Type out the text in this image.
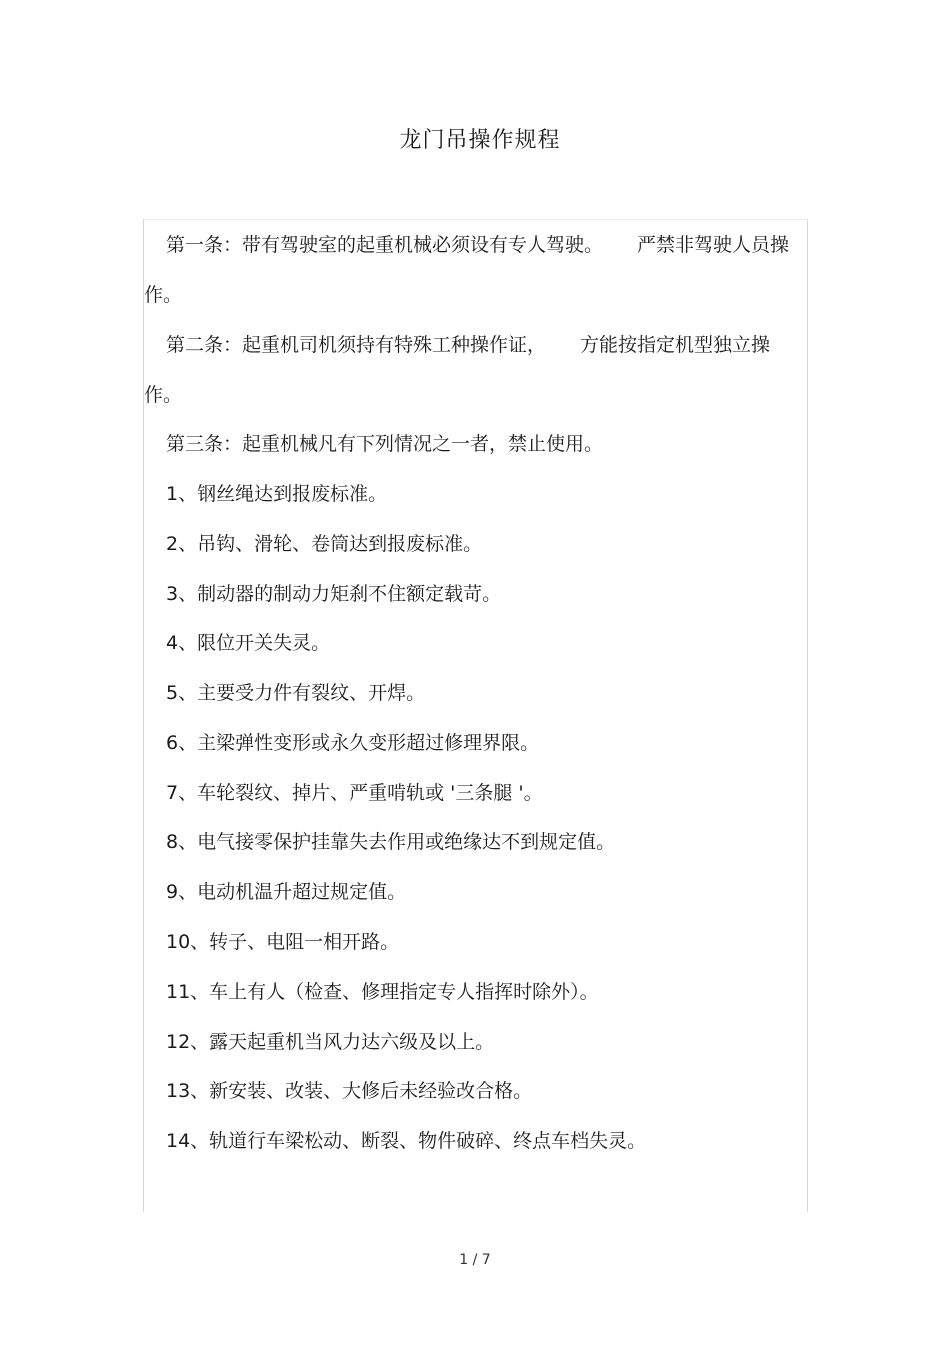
龙门吊操作规程
第一条：带有驾驶室的起重机械必须设有专人驾驶。 严禁非驾驶人员操作。
第二条：起重机司机须持有特殊工种操作证， 方能按指定机型独立操作。
第三条：起重机械凡有下列情况之一者，禁止使用。
1、钢丝绳达到报废标准。
2、吊钩、滑轮、卷筒达到报废标准。
3、制动器的制动力矩刹不住额定载苛。
4、限位开关失灵。
5、主要受力件有裂纹、开焊。
6、主梁弹性变形或永久变形超过修理界限。
7、车轮裂纹、掉片、严重啃轨或 '三条腿 '。
8、电气接零保护挂靠失去作用或绝缘达不到规定值。
9、电动机温升超过规定值。
10、转子、电阻一相开路。
11、车上有人（检查、修理指定专人指挥时除外）。
12、露天起重机当风力达六级及以上。
13、新安装、改装、大修后未经验改合格。
14、轨道行车梁松动、断裂、物件破碎、终点车档失灵。
1 / 7
